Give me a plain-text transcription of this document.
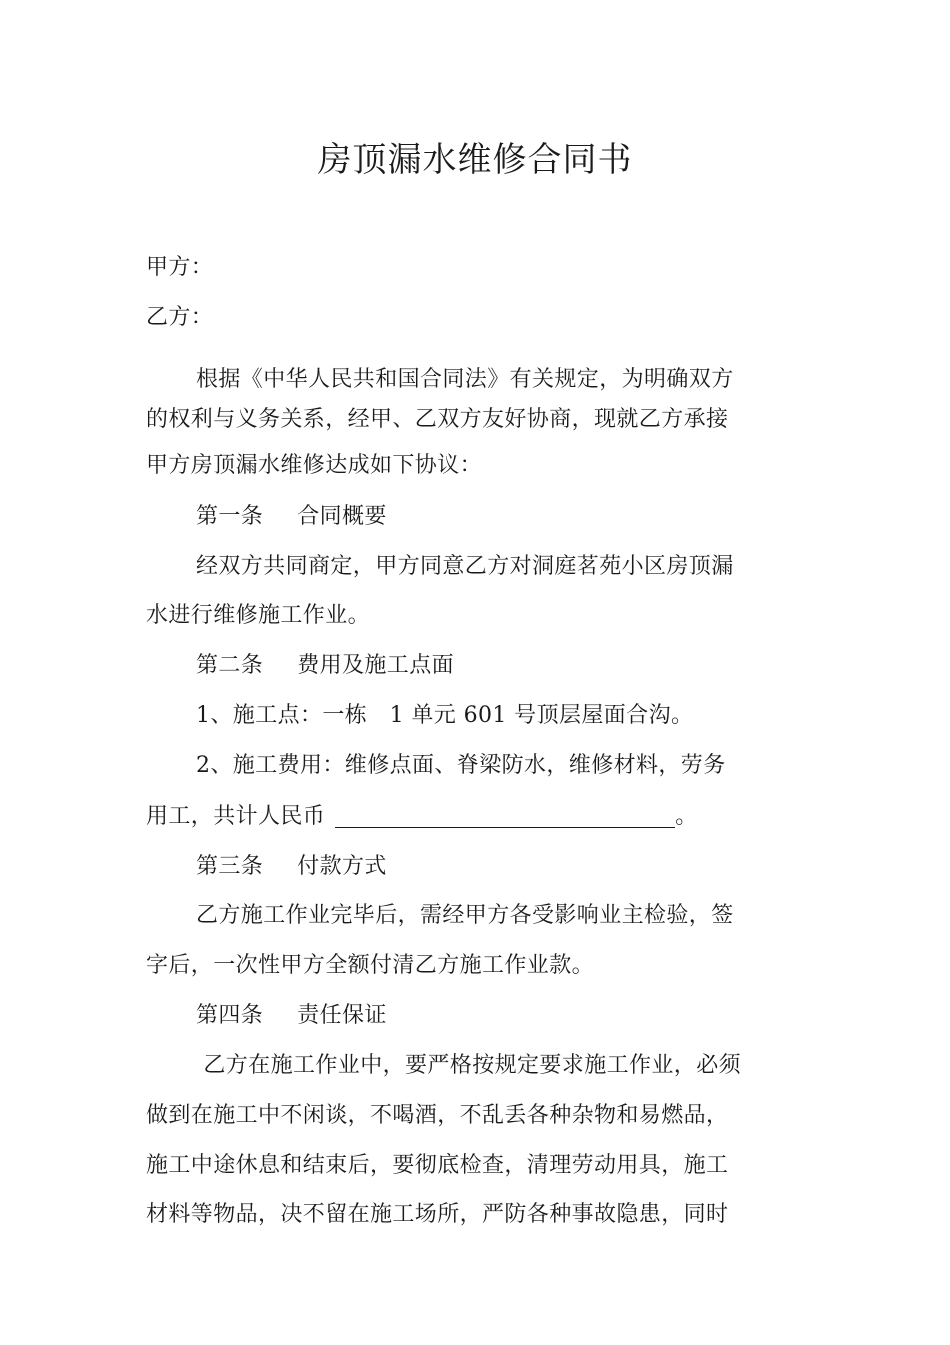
房顶漏水维修合同书

甲方：

乙方：

根据《中华人民共和国合同法》有关规定，为明确双方

的权利与义务关系，经甲、乙双方友好协商，现就乙方承接

甲方房顶漏水维修达成如下协议：

第一条 合同概要

经双方共同商定，甲方同意乙方对洞庭茗苑小区房顶漏

水进行维修施工作业。

第二条 费用及施工点面

1、施工点：一栋　1 单元 601 号顶层屋面合沟。

2、施工费用：维修点面、脊梁防水，维修材料，劳务

用工，共计人民币	。

第三条 付款方式

乙方施工作业完毕后，需经甲方各受影响业主检验，签

字后，一次性甲方全额付清乙方施工作业款。

第四条 责任保证

乙方在施工作业中，要严格按规定要求施工作业，必须

做到在施工中不闲谈，不喝酒，不乱丢各种杂物和易燃品，

施工中途休息和结束后，要彻底检查，清理劳动用具，施工

材料等物品，决不留在施工场所，严防各种事故隐患，同时
